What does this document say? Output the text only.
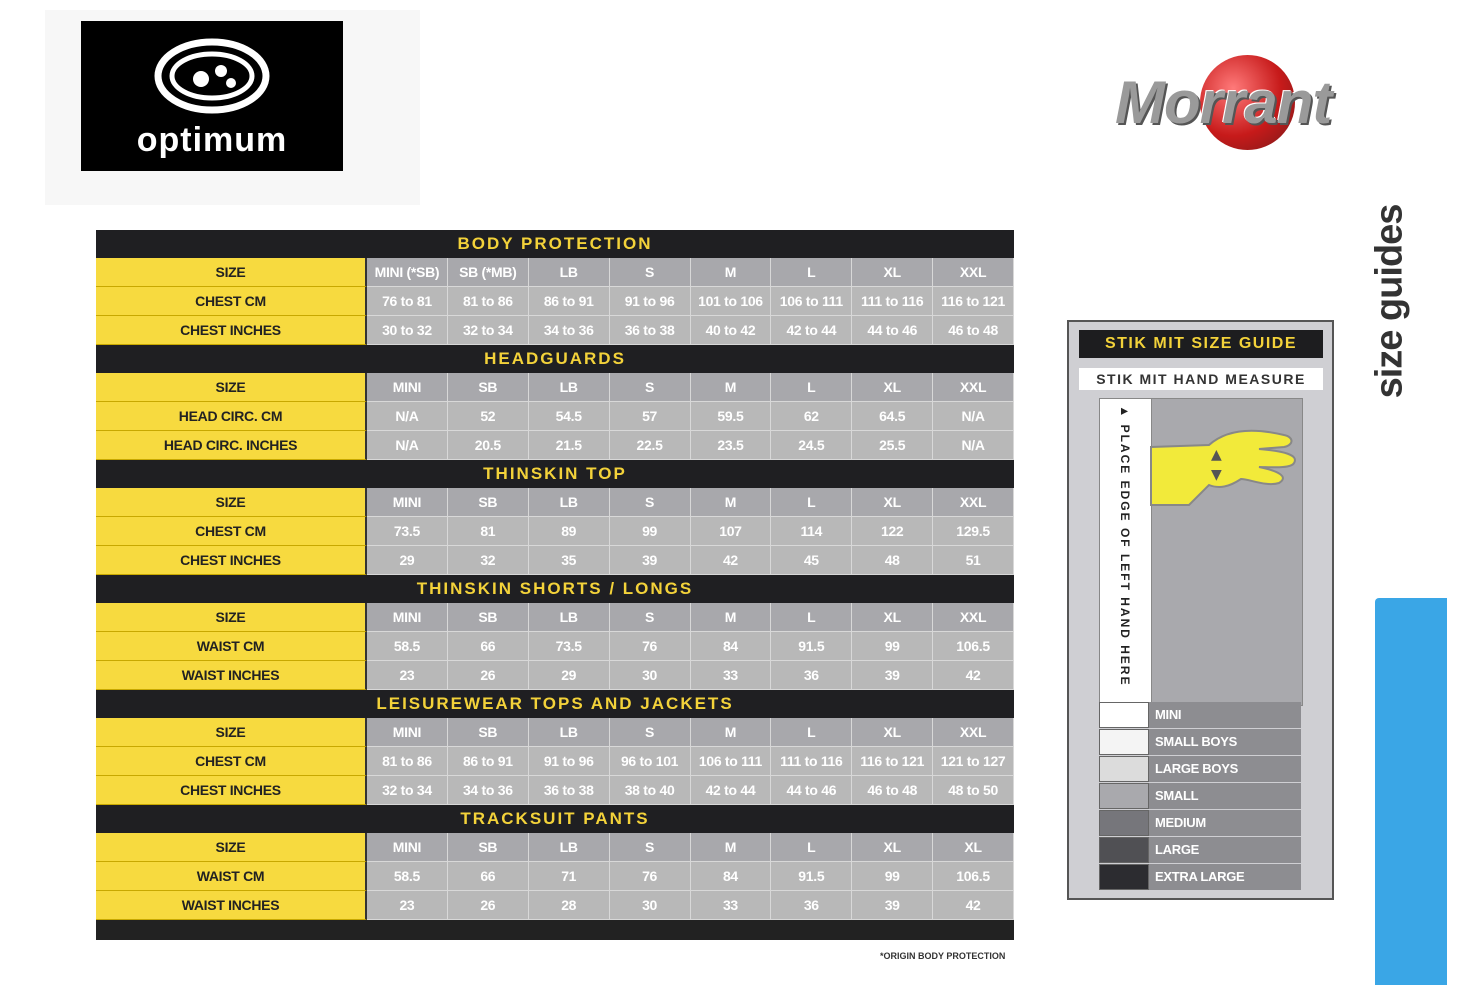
optimum
Morrant
size guides
BODY PROTECTION
SIZE	MINI (*SB)	SB (*MB)	LB	S	M	L	XL	XXL
CHEST CM	76 to 81	81 to 86	86 to 91	91 to 96	101 to 106	106 to 111	111 to 116	116 to 121
CHEST INCHES	30 to 32	32 to 34	34 to 36	36 to 38	40 to 42	42 to 44	44 to 46	46 to 48
HEADGUARDS
SIZE	MINI	SB	LB	S	M	L	XL	XXL
HEAD CIRC. CM	N/A	52	54.5	57	59.5	62	64.5	N/A
HEAD CIRC. INCHES	N/A	20.5	21.5	22.5	23.5	24.5	25.5	N/A
THINSKIN TOP
SIZE	MINI	SB	LB	S	M	L	XL	XXL
CHEST CM	73.5	81	89	99	107	114	122	129.5
CHEST INCHES	29	32	35	39	42	45	48	51
THINSKIN SHORTS / LONGS
SIZE	MINI	SB	LB	S	M	L	XL	XXL
WAIST CM	58.5	66	73.5	76	84	91.5	99	106.5
WAIST INCHES	23	26	29	30	33	36	39	42
LEISUREWEAR TOPS AND JACKETS
SIZE	MINI	SB	LB	S	M	L	XL	XXL
CHEST CM	81 to 86	86 to 91	91 to 96	96 to 101	106 to 111	111 to 116	116 to 121	121 to 127
CHEST INCHES	32 to 34	34 to 36	36 to 38	38 to 40	42 to 44	44 to 46	46 to 48	48 to 50
TRACKSUIT PANTS
SIZE	MINI	SB	LB	S	M	L	XL	XL
WAIST CM	58.5	66	71	76	84	91.5	99	106.5
WAIST INCHES	23	26	28	30	33	36	39	42
*ORIGIN BODY PROTECTION
STIK MIT SIZE GUIDE
STIK MIT HAND MEASURE
▲ PLACE EDGE OF LEFT HAND HERE	▲
▼
MINI
SMALL BOYS
LARGE BOYS
SMALL
MEDIUM
LARGE
EXTRA LARGE
